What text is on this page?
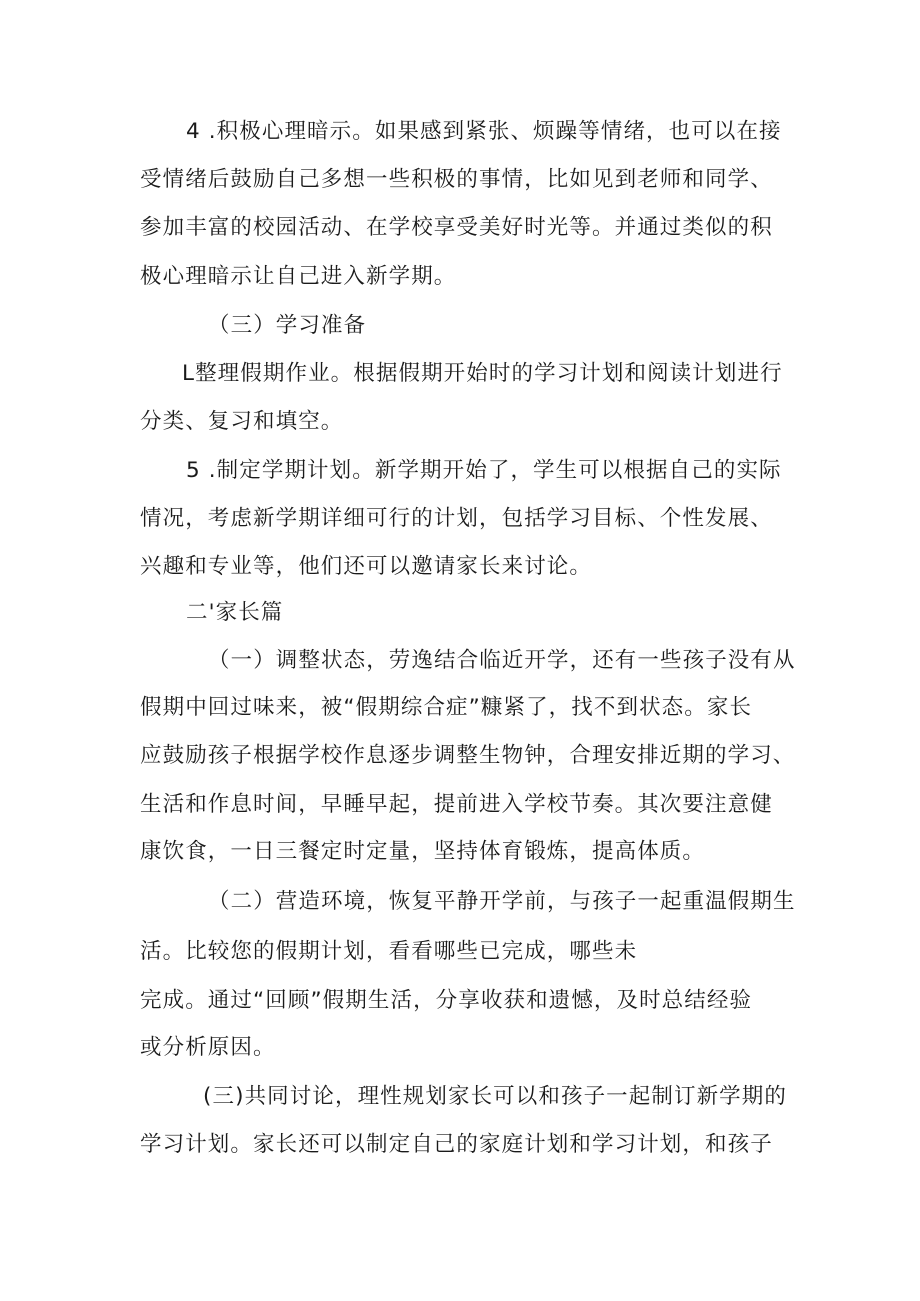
4 .积极心理暗示。如果感到紧张、烦躁等情绪，也可以在接
受情绪后鼓励自己多想一些积极的事情，比如见到老师和同学、
参加丰富的校园活动、在学校享受美好时光等。并通过类似的积
极心理暗示让自己进入新学期。
（三）学习准备
L整理假期作业。根据假期开始时的学习计划和阅读计划进行
分类、复习和填空。
5 .制定学期计划。新学期开始了，学生可以根据自己的实际
情况，考虑新学期详细可行的计划，包括学习目标、个性发展、
兴趣和专业等，他们还可以邀请家长来讨论。
二'家长篇
（一）调整状态，劳逸结合临近开学，还有一些孩子没有从
假期中回过味来，被“假期综合症”糠紧了，找不到状态。家长
应鼓励孩子根据学校作息逐步调整生物钟，合理安排近期的学习、
生活和作息时间，早睡早起，提前进入学校节奏。其次要注意健
康饮食，一日三餐定时定量，坚持体育锻炼，提高体质。
（二）营造环境，恢复平静开学前，与孩子一起重温假期生
活。比较您的假期计划，看看哪些已完成，哪些未
完成。通过“回顾”假期生活，分享收获和遗憾，及时总结经验
或分析原因。
(三)共同讨论，理性规划家长可以和孩子一起制订新学期的
学习计划。家长还可以制定自己的家庭计划和学习计划，和孩子
